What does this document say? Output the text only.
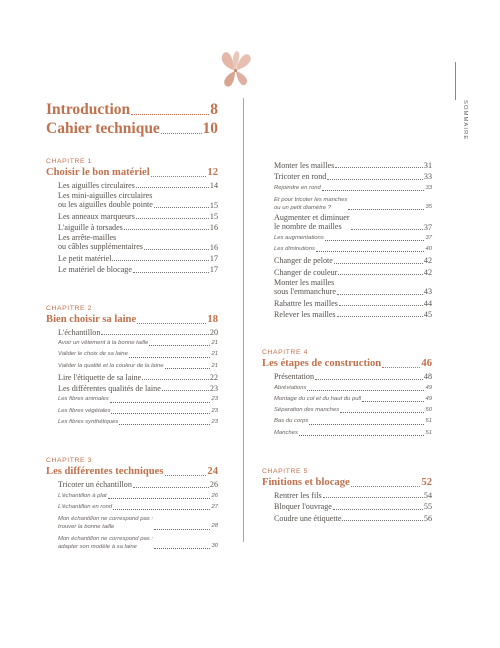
SOMMAIRE
Introduction	8
Cahier technique	10
CHAPITRE 1
Choisir le bon matériel	12
Les aiguilles circulaires	14
Les mini-aiguilles circulaires
ou les aiguilles double pointe	15
Les anneaux marqueurs	15
L'aiguille à torsades	16
Les arrête-mailles
ou câbles supplémentaires	16
Le petit matériel	17
Le matériel de blocage	17
CHAPITRE 2
Bien choisir sa laine	18
L'échantillon	20
Avoir un vêtement à la bonne taille	21
Valider le choix de sa laine	21
Valider la qualité et la couleur de la laine	21
Lire l'étiquette de sa laine	22
Les différentes qualités de laine	23
Les fibres animales	23
Les fibres végétales	23
Les fibres synthétiques	23
CHAPITRE 3
Les différentes techniques	24
Tricoter un échantillon	26
L'échantillon à plat	26
L'échantillon en rond	27
Mon échantillon ne correspond pas :
trouver la bonne taille	28
Mon échantillon ne correspond pas :
adapter son modèle à sa laine	30
Monter les mailles	31
Tricoter en rond	33
Rejoindre en rond	33
Et pour tricoter les manches
ou un petit diamètre ?	35
Augmenter et diminuer
le nombre de mailles	37
Les augmentations	37
Les diminutions	40
Changer de pelote	42
Changer de couleur	42
Monter les mailles
sous l'emmanchure	43
Rabattre les mailles	44
Relever les mailles	45
CHAPITRE 4
Les étapes de construction	46
Présentation	48
Abréviations	49
Montage du col et du haut du pull	49
Séparation des manches	50
Bas du corps	51
Manches	51
CHAPITRE 5
Finitions et blocage	52
Rentrer les fils	54
Bloquer l'ouvrage	55
Coudre une étiquette	56
